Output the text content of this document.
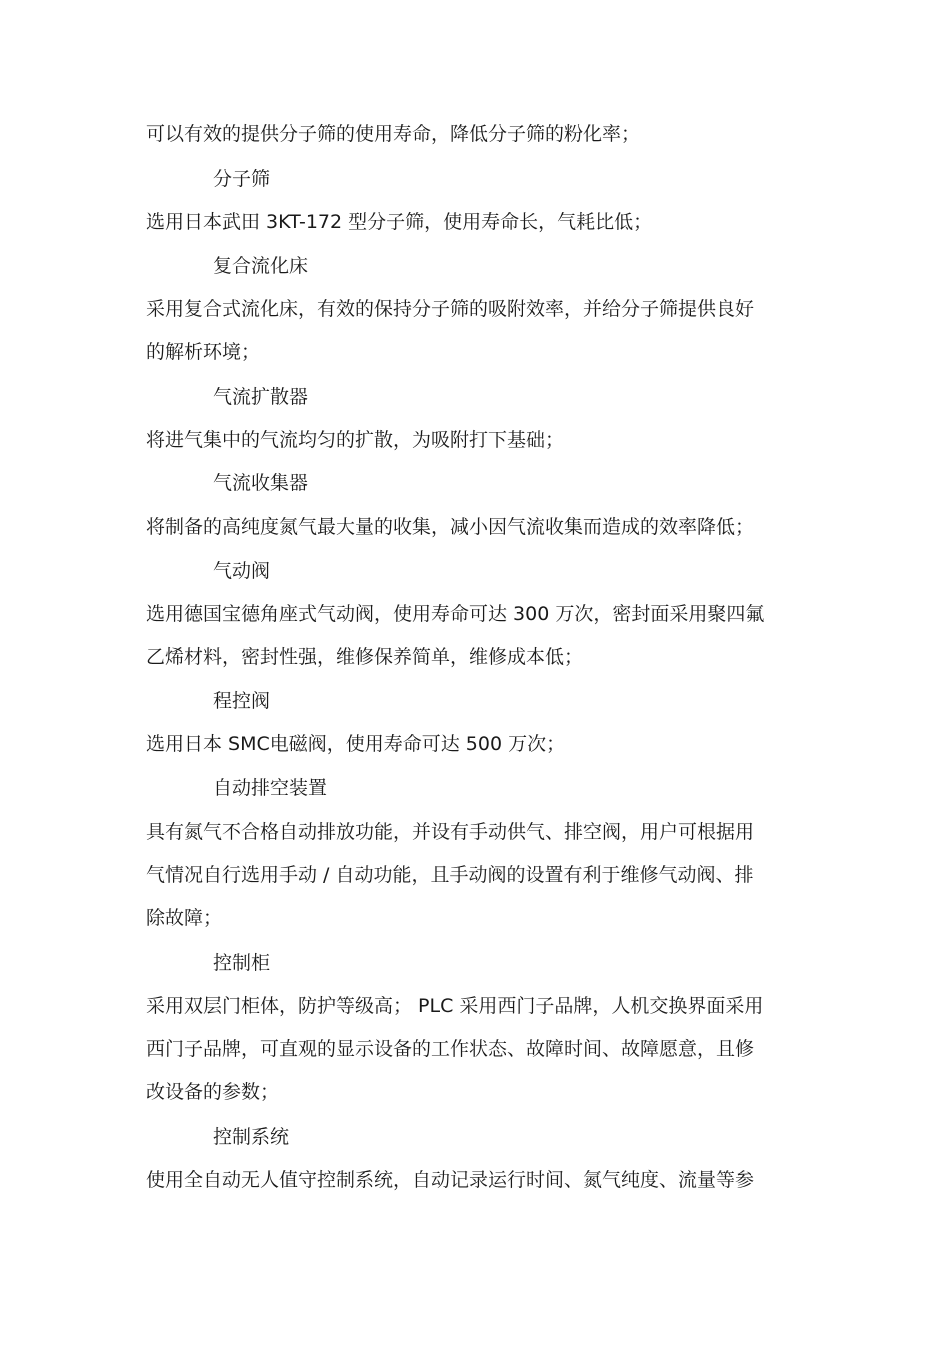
可以有效的提供分子筛的使用寿命，降低分子筛的粉化率；
分子筛
选用日本武田 3KT-172 型分子筛，使用寿命长，气耗比低；
复合流化床
采用复合式流化床，有效的保持分子筛的吸附效率，并给分子筛提供良好
的解析环境；
气流扩散器
将进气集中的气流均匀的扩散，为吸附打下基础；
气流收集器
将制备的高纯度氮气最大量的收集，减小因气流收集而造成的效率降低；
气动阀
选用德国宝德角座式气动阀，使用寿命可达 300 万次，密封面采用聚四氟
乙烯材料，密封性强，维修保养简单，维修成本低；
程控阀
选用日本 SMC电磁阀，使用寿命可达 500 万次；
自动排空装置
具有氮气不合格自动排放功能，并设有手动供气、排空阀，用户可根据用
气情况自行选用手动 / 自动功能，且手动阀的设置有利于维修气动阀、排
除故障；
控制柜
采用双层门柜体，防护等级高； PLC 采用西门子品牌，人机交换界面采用
西门子品牌，可直观的显示设备的工作状态、故障时间、故障愿意，且修
改设备的参数；
控制系统
使用全自动无人值守控制系统，自动记录运行时间、氮气纯度、流量等参
